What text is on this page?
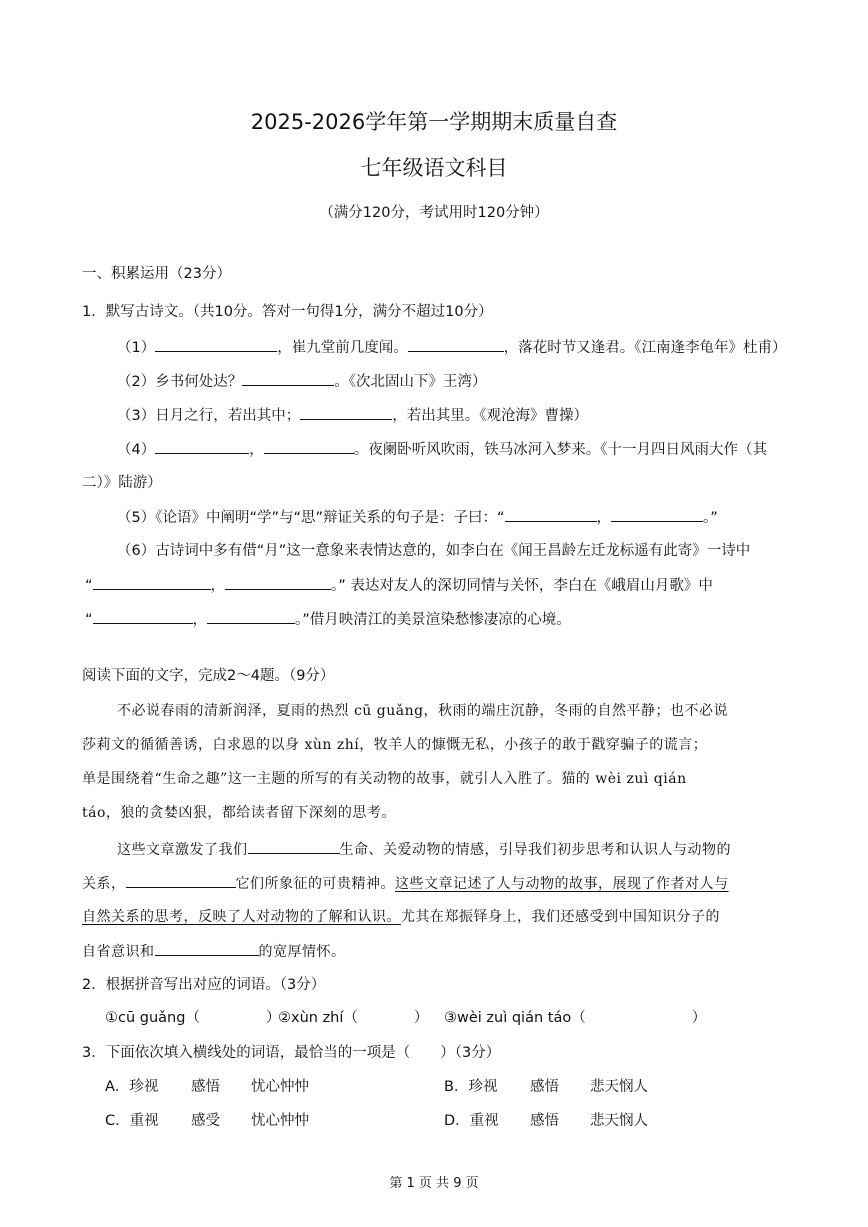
2025-2026学年第一学期期末质量自查
七年级语文科目
（满分120分，考试用时120分钟）
一、积累运用（23分）
1．默写古诗文。（共10分。答对一句得1分，满分不超过10分）
（1）	，崔九堂前几度闻。	，落花时节又逢君。《江南逢李龟年》杜甫）
（2）乡书何处达？	。《次北固山下》王湾）
（3）日月之行，若出其中；	，若出其里。《观沧海》曹操）
（4）	，	。夜阑卧听风吹雨，铁马冰河入梦来。《十一月四日风雨大作（其
二）》陆游）
（5）《论语》中阐明“学”与“思”辩证关系的句子是：子曰：“	，	。”
（6）古诗词中多有借“月”这一意象来表情达意的，如李白在《闻王昌龄左迁龙标遥有此寄》一诗中
“	，	。” 表达对友人的深切同情与关怀，李白在《峨眉山月歌》中
“	，	。”借月映清江的美景渲染愁惨凄凉的心境。
阅读下面的文字，完成2～4题。（9分）
不必说春雨的清新润泽，夏雨的热烈 cū guǎng，秋雨的端庄沉静，冬雨的自然平静；也不必说
莎莉文的循循善诱，白求恩的以身 xùn zhí，牧羊人的慷慨无私，小孩子的敢于戳穿骗子的谎言；
单是围绕着“生命之趣”这一主题的所写的有关动物的故事，就引人入胜了。猫的 wèi zuì qián
táo，狼的贪婪凶狠，都给读者留下深刻的思考。
这些文章激发了我们	生命、关爱动物的情感，引导我们初步思考和认识人与动物的
关系，	它们所象征的可贵精神。这些文章记述了人与动物的故事，展现了作者对人与
自然关系的思考，反映了人对动物的了解和认识。尤其在郑振铎身上，我们还感受到中国知识分子的
自省意识和	的宽厚情怀。
2．根据拼音写出对应的词语。（3分）
①cū guǎng（	）
②xùn zhí（	） ③wèi zuì qián táo（	）
3．下面依次填入横线处的词语，最恰当的一项是（ ）（3分）
A．珍视 感悟 忧心忡忡	B．珍视 感悟 悲天悯人
C．重视 感受 忧心忡忡	D．重视 感悟 悲天悯人
第 1 页 共 9 页
